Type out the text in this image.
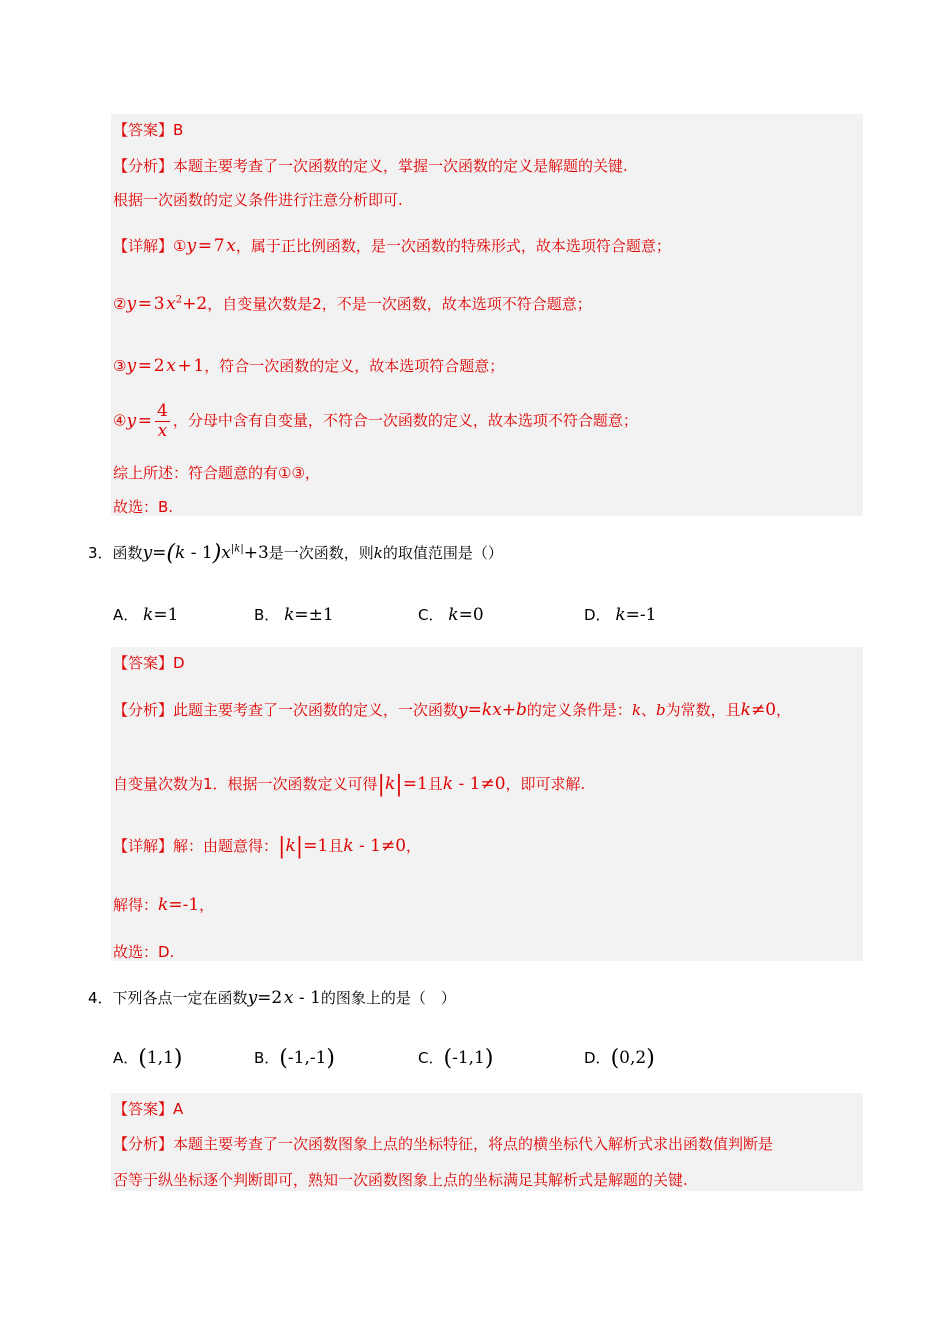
【答案】B
【分析】本题主要考查了一次函数的定义，掌握一次函数的定义是解题的关键.
根据一次函数的定义条件进行注意分析即可.
【详解】①y = 7 x，属于正比例函数，是一次函数的特殊形式，故本选项符合题意；
②y = 3 $x^2+2$，自变量次数是2，不是一次函数，故本选项不符合题意；
③y = 2 x + 1，符合一次函数的定义，故本选项符合题意；
④y = $\frac{4}{x}$ ，分母中含有自变量，不符合一次函数的定义，故本选项不符合题意；
综上所述：符合题意的有①③，
故选：B.
3．函数$y=(k - 1)x^{|k|}+3$是一次函数，则k的取值范围是（）
A． k=1	B． k=±1	C． k=0	D． k=-1
【答案】D
【分析】此题主要考查了一次函数的定义，一次函数y=kx+b的定义条件是：k、b为常数，且k≠0，
自变量次数为1．根据一次函数定义可得|k|=1且k - 1≠0，即可求解.
【详解】解：由题意得：|k|=1且k - 1≠0，
解得：k=-1，
故选：D.
4．下列各点一定在函数y=2 x - 1的图象上的是（　）
A．(1,1)	B．(-1,-1)	C．(-1,1)	D．(0,2)
【答案】A
【分析】本题主要考查了一次函数图象上点的坐标特征，将点的横坐标代入解析式求出函数值判断是
否等于纵坐标逐个判断即可，熟知一次函数图象上点的坐标满足其解析式是解题的关键.
